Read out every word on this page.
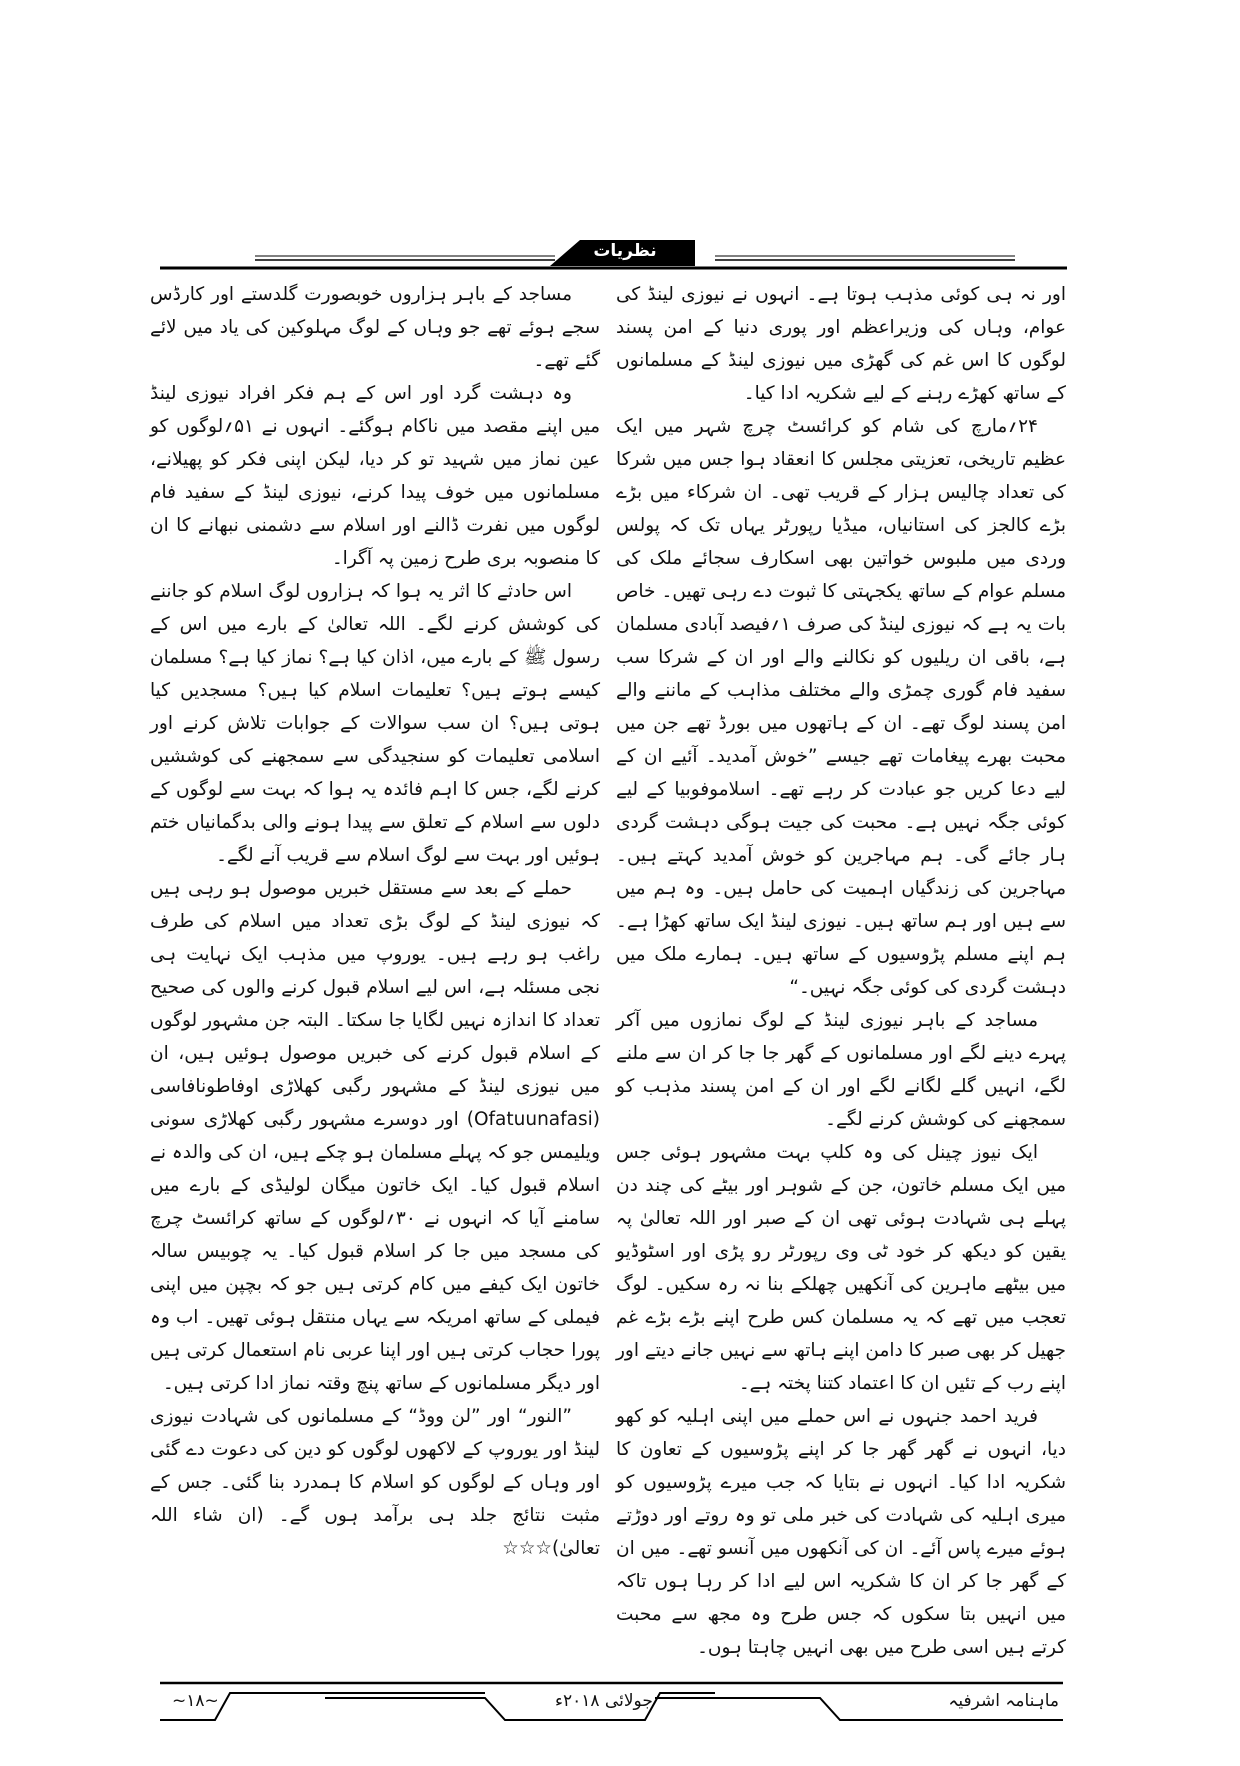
نظریات

اور نہ ہی کوئی مذہب ہوتا ہے۔ انہوں نے نیوزی لینڈ کی عوام، وہاں کی وزیراعظم اور پوری دنیا کے امن پسند لوگوں کا اس غم کی گھڑی میں نیوزی لینڈ کے مسلمانوں کے ساتھ کھڑے رہنے کے لیے شکریہ ادا کیا۔

۲۴؍مارچ کی شام کو کرائسٹ چرچ شہر میں ایک عظیم تاریخی، تعزیتی مجلس کا انعقاد ہوا جس میں شرکا کی تعداد چالیس ہزار کے قریب تھی۔ ان شرکاء میں بڑے بڑے کالجز کی استانیاں، میڈیا رپورٹر یہاں تک کہ پولس وردی میں ملبوس خواتین بھی اسکارف سجائے ملک کی مسلم عوام کے ساتھ یکجہتی کا ثبوت دے رہی تھیں۔ خاص بات یہ ہے کہ نیوزی لینڈ کی صرف ۱؍فیصد آبادی مسلمان ہے، باقی ان ریلیوں کو نکالنے والے اور ان کے شرکا سب سفید فام گوری چمڑی والے مختلف مذاہب کے ماننے والے امن پسند لوگ تھے۔ ان کے ہاتھوں میں بورڈ تھے جن میں محبت بھرے پیغامات تھے جیسے ”خوش آمدید۔ آئیے ان کے لیے دعا کریں جو عبادت کر رہے تھے۔ اسلاموفوبیا کے لیے کوئی جگہ نہیں ہے۔ محبت کی جیت ہوگی دہشت گردی ہار جائے گی۔ ہم مہاجرین کو خوش آمدید کہتے ہیں۔ مہاجرین کی زندگیاں اہمیت کی حامل ہیں۔ وہ ہم میں سے ہیں اور ہم ساتھ ہیں۔ نیوزی لینڈ ایک ساتھ کھڑا ہے۔ ہم اپنے مسلم پڑوسیوں کے ساتھ ہیں۔ ہمارے ملک میں دہشت گردی کی کوئی جگہ نہیں۔“

مساجد کے باہر نیوزی لینڈ کے لوگ نمازوں میں آکر پہرے دینے لگے اور مسلمانوں کے گھر جا جا کر ان سے ملنے لگے، انہیں گلے لگانے لگے اور ان کے امن پسند مذہب کو سمجھنے کی کوشش کرنے لگے۔

ایک نیوز چینل کی وہ کلپ بہت مشہور ہوئی جس میں ایک مسلم خاتون، جن کے شوہر اور بیٹے کی چند دن پہلے ہی شہادت ہوئی تھی ان کے صبر اور اللہ تعالیٰ پہ یقین کو دیکھ کر خود ٹی وی رپورٹر رو پڑی اور اسٹوڈیو میں بیٹھے ماہرین کی آنکھیں چھلکے بنا نہ رہ سکیں۔ لوگ تعجب میں تھے کہ یہ مسلمان کس طرح اپنے بڑے بڑے غم جھیل کر بھی صبر کا دامن اپنے ہاتھ سے نہیں جانے دیتے اور اپنے رب کے تئیں ان کا اعتماد کتنا پختہ ہے۔

فرید احمد جنہوں نے اس حملے میں اپنی اہلیہ کو کھو دیا، انہوں نے گھر گھر جا کر اپنے پڑوسیوں کے تعاون کا شکریہ ادا کیا۔ انہوں نے بتایا کہ جب میرے پڑوسیوں کو میری اہلیہ کی شہادت کی خبر ملی تو وہ روتے اور دوڑتے ہوئے میرے پاس آئے۔ ان کی آنکھوں میں آنسو تھے۔ میں ان کے گھر جا کر ان کا شکریہ اس لیے ادا کر رہا ہوں تاکہ میں انہیں بتا سکوں کہ جس طرح وہ مجھ سے محبت کرتے ہیں اسی طرح میں بھی انہیں چاہتا ہوں۔

مساجد کے باہر ہزاروں خوبصورت گلدستے اور کارڈس سجے ہوئے تھے جو وہاں کے لوگ مہلوکین کی یاد میں لائے گئے تھے۔

وہ دہشت گرد اور اس کے ہم فکر افراد نیوزی لینڈ میں اپنے مقصد میں ناکام ہوگئے۔ انہوں نے ۵۱؍لوگوں کو عین نماز میں شہید تو کر دیا، لیکن اپنی فکر کو پھیلانے، مسلمانوں میں خوف پیدا کرنے، نیوزی لینڈ کے سفید فام لوگوں میں نفرت ڈالنے اور اسلام سے دشمنی نبھانے کا ان کا منصوبہ بری طرح زمین پہ آگرا۔

اس حادثے کا اثر یہ ہوا کہ ہزاروں لوگ اسلام کو جاننے کی کوشش کرنے لگے۔ اللہ تعالیٰ کے بارے میں اس کے رسول ﷺ کے بارے میں، اذان کیا ہے؟ نماز کیا ہے؟ مسلمان کیسے ہوتے ہیں؟ تعلیمات اسلام کیا ہیں؟ مسجدیں کیا ہوتی ہیں؟ ان سب سوالات کے جوابات تلاش کرنے اور اسلامی تعلیمات کو سنجیدگی سے سمجھنے کی کوششیں کرنے لگے، جس کا اہم فائدہ یہ ہوا کہ بہت سے لوگوں کے دلوں سے اسلام کے تعلق سے پیدا ہونے والی بدگمانیاں ختم ہوئیں اور بہت سے لوگ اسلام سے قریب آنے لگے۔

حملے کے بعد سے مستقل خبریں موصول ہو رہی ہیں کہ نیوزی لینڈ کے لوگ بڑی تعداد میں اسلام کی طرف راغب ہو رہے ہیں۔ یوروپ میں مذہب ایک نہایت ہی نجی مسئلہ ہے، اس لیے اسلام قبول کرنے والوں کی صحیح تعداد کا اندازہ نہیں لگایا جا سکتا۔ البتہ جن مشہور لوگوں کے اسلام قبول کرنے کی خبریں موصول ہوئیں ہیں، ان میں نیوزی لینڈ کے مشہور رگبی کھلاڑی اوفاطونافاسی (Ofatuunafasi) اور دوسرے مشہور رگبی کھلاڑی سونی ویلیمس جو کہ پہلے مسلمان ہو چکے ہیں، ان کی والدہ نے اسلام قبول کیا۔ ایک خاتون میگان لولیڈی کے بارے میں سامنے آیا کہ انہوں نے ۳۰؍لوگوں کے ساتھ کرائسٹ چرچ کی مسجد میں جا کر اسلام قبول کیا۔ یہ چوبیس سالہ خاتون ایک کیفے میں کام کرتی ہیں جو کہ بچپن میں اپنی فیملی کے ساتھ امریکہ سے یہاں منتقل ہوئی تھیں۔ اب وہ پورا حجاب کرتی ہیں اور اپنا عربی نام استعمال کرتی ہیں اور دیگر مسلمانوں کے ساتھ پنچ وقتہ نماز ادا کرتی ہیں۔

”النور“ اور ”لن ووڈ“ کے مسلمانوں کی شہادت نیوزی لینڈ اور یوروپ کے لاکھوں لوگوں کو دین کی دعوت دے گئی اور وہاں کے لوگوں کو اسلام کا ہمدرد بنا گئی۔ جس کے مثبت نتائج جلد ہی برآمد ہوں گے۔ (ان شاء اللہ تعالیٰ)☆☆☆

ماہنامہ اشرفیہ
جولائی ۲۰۱۸ء
~۱۸~
